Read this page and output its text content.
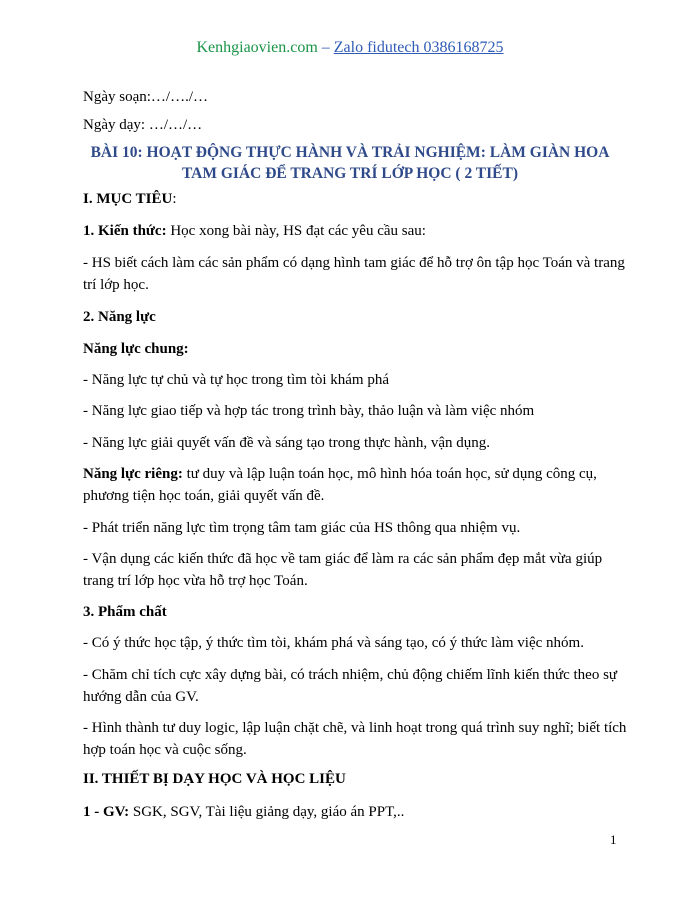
Kenhgiaovien.com – Zalo fidutech 0386168725
Ngày soạn:…/…./…
Ngày dạy: …/…/…
BÀI 10: HOẠT ĐỘNG THỰC HÀNH VÀ TRẢI NGHIỆM: LÀM GIÀN HOA
TAM GIÁC ĐỂ TRANG TRÍ LỚP HỌC ( 2 TIẾT)
I. MỤC TIÊU:
1. Kiến thức: Học xong bài này, HS đạt các yêu cầu sau:
- HS biết cách làm các sản phẩm có dạng hình tam giác để hỗ trợ ôn tập học Toán và trang trí lớp học.
2. Năng lực
Năng lực chung:
- Năng lực tự chủ và tự học trong tìm tòi khám phá
- Năng lực giao tiếp và hợp tác trong trình bày, thảo luận và làm việc nhóm
- Năng lực giải quyết vấn đề và sáng tạo trong thực hành, vận dụng.
Năng lực riêng: tư duy và lập luận toán học, mô hình hóa toán học, sử dụng công cụ, phương tiện học toán, giải quyết vấn đề.
- Phát triển năng lực tìm trọng tâm tam giác của HS thông qua nhiệm vụ.
- Vận dụng các kiến thức đã học về tam giác để làm ra các sản phẩm đẹp mắt vừa giúp trang trí lớp học vừa hỗ trợ học Toán.
3. Phẩm chất
- Có ý thức học tập, ý thức tìm tòi, khám phá và sáng tạo, có ý thức làm việc nhóm.
- Chăm chỉ tích cực xây dựng bài, có trách nhiệm, chủ động chiếm lĩnh kiến thức theo sự hướng dẫn của GV.
- Hình thành tư duy logic, lập luận chặt chẽ, và linh hoạt trong quá trình suy nghĩ; biết tích hợp toán học và cuộc sống.
II. THIẾT BỊ DẠY HỌC VÀ HỌC LIỆU
1 - GV: SGK, SGV, Tài liệu giảng dạy, giáo án PPT,..
1
